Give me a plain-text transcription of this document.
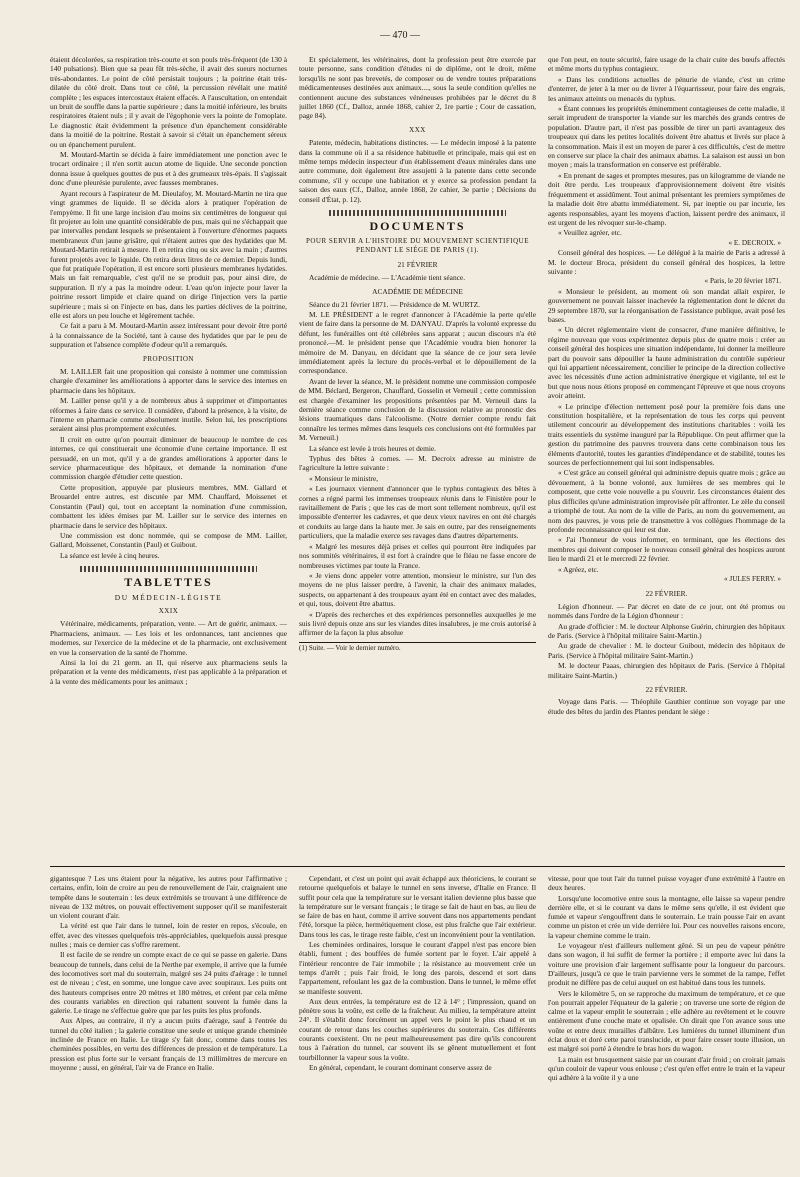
— 470 —

étaient décolorées, sa respiration très-courte et son pouls très-fréquent (de 130 à 140 pulsations). Bien que sa peau fût très-sèche, il avait des sueurs nocturnes très-abondantes. Le point de côté persistait toujours ; la poitrine était très-dilatée du côté droit. Dans tout ce côté, la percussion révélait une matité complète ; les espaces intercostaux étaient effacés. A l'auscultation, on entendait un bruit de souffle dans la partie supérieure ; dans la moitié inférieure, les bruits respiratoires étaient nuls ; il y avait de l'égophonie vers la pointe de l'omoplate. Le diagnostic était évidemment la présence d'un épanchement considérable dans la moitié de la poitrine. Restait à savoir si c'était un épanchement séreux ou un épanchement purulent.

M. Moutard-Martin se décida à faire immédiatement une ponction avec le trocart ordinaire ; il n'en sortit aucun atome de liquide. Une seconde ponction donna issue à quelques gouttes de pus et à des grumeaux très-épais. Il s'agissait donc d'une pleurésie purulente, avec fausses membranes.

Ayant recours à l'aspirateur de M. Dieulafoy, M. Moutard-Martin ne tira que vingt grammes de liquide. Il se décida alors à pratiquer l'opération de l'empyème. Il fit une large incision d'au moins six centimètres de longueur qui fit projeter au loin une quantité considérable de pus, mais qui ne s'échappait que par intervalles pendant lesquels se présentaient à l'ouverture d'énormes paquets membraneux d'un jaune grisâtre, qui n'étaient autres que des hydatides que M. Moutard-Martin retirait à mesure. Il en retira cinq ou six avec la main ; d'autres furent projetés avec le liquide. On retira deux litres de ce dernier. Depuis lundi, que fut pratiquée l'opération, il est encore sorti plusieurs membranes hydatides. Mais un fait remarquable, c'est qu'il ne se produit pas, pour ainsi dire, de suppuration. Il n'y a pas la moindre odeur. L'eau qu'on injecte pour laver la poitrine ressort limpide et claire quand on dirige l'injection vers la partie supérieure ; mais si on l'injecte en bas, dans les parties déclives de la poitrine, elle est alors un peu louche et légèrement tachée.

Ce fait a paru à M. Moutard-Martin assez intéressant pour devoir être porté à la connaissance de la Société, tant à cause des hydatides que par le peu de suppuration et l'absence complète d'odeur qu'il a remarqués.

PROPOSITION

M. LAILLER fait une proposition qui consiste à nommer une commission chargée d'examiner les améliorations à apporter dans le service des internes en pharmacie dans les hôpitaux.

M. Lailler pense qu'il y a de nombreux abus à supprimer et d'importantes réformes à faire dans ce service. Il considère, d'abord la présence, à la visite, de l'interne en pharmacie comme absolument inutile. Selon lui, les prescriptions seraient ainsi plus promptement exécutées.

Il croit en outre qu'on pourrait diminuer de beaucoup le nombre de ces internes, ce qui constituerait une économie d'une certaine importance. Il est persuadé, en un mot, qu'il y a de grandes améliorations à apporter dans le service pharmaceutique des hôpitaux, et demande la nomination d'une commission chargée d'étudier cette question.

Cette proposition, appuyée par plusieurs membres, MM. Gallard et Brouardel entre autres, est discutée par MM. Chauffard, Moissenet et Constantin (Paul) qui, tout en acceptant la nomination d'une commission, combattent les idées émises par M. Lailler sur le service des internes en pharmacie dans le service des hôpitaux.

Une commission est donc nommée, qui se compose de MM. Lailler, Gallard, Moissenet, Constantin (Paul) et Guibout.

La séance est levée à cinq heures.

TABLETTES
DU MÉDECIN-LÉGISTE
XXIX

Vétérinaire, médicaments, préparation, vente. — Art de guérir, animaux. — Pharmaciens, animaux. — Les lois et les ordonnances, tant anciennes que modernes, sur l'exercice de la médecine et de la pharmacie, ont exclusivement en vue la conservation de la santé de l'homme.

Ainsi la loi du 21 germ. an II, qui réserve aux pharmaciens seuls la préparation et la vente des médicaments, n'est pas applicable à la préparation et à la vente des médicaments pour les animaux ;

Et spécialement, les vétérinaires, dont la profession peut être exercée par toute personne, sans condition d'études ni de diplôme, ont le droit, même lorsqu'ils ne sont pas brevetés, de composer ou de vendre toutes préparations médicamenteuses destinées aux animaux...., sous la seule condition qu'elles ne contiennent aucune des substances vénéneuses prohibées par le décret du 8 juillet 1860 (Cf., Dalloz, année 1868, cahier 2, 1re partie ; Cour de cassation, page 84).

XXX

Patente, médecin, habitations distinctes. — Le médecin imposé à la patente dans la commune où il a sa résidence habituelle et principale, mais qui est en même temps médecin inspecteur d'un établissement d'eaux minérales dans une autre commune, doit également être assujetti à la patente dans cette seconde commune, s'il y occupe une habitation et y exerce sa profession pendant la saison des eaux (Cf., Dalloz, année 1868, 2e cahier, 3e partie ; Décisions du conseil d'État, p. 12).

DOCUMENTS
POUR SERVIR A L'HISTOIRE DU MOUVEMENT SCIENTIFIQUE PENDANT LE SIÉGE DE PARIS (1).
21 FÉVRIER

Académie de médecine. — L'Académie tient séance.

ACADÉMIE DE MÉDECINE

Séance du 21 février 1871. — Présidence de M. WURTZ.

M. LE PRÉSIDENT a le regret d'annoncer à l'Académie la perte qu'elle vient de faire dans la personne de M. DANYAU. D'après la volonté expresse du défunt, les funérailles ont été célébrées sans apparat ; aucun discours n'a été prononcé.—M. le président pense que l'Académie voudra bien honorer la mémoire de M. Danyau, en décidant que la séance de ce jour sera levée immédiatement après la lecture du procès-verbal et le dépouillement de la correspondance.

Avant de lever la séance, M. le président nomme une commission composée de MM. Béclard, Bergeron, Chauffard, Gosselin et Verneuil ; cette commission est chargée d'examiner les propositions présentées par M. Verneuil dans la dernière séance comme conclusion de la discussion relative au pronostic des lésions traumatiques dans l'alcoolisme. (Notre dernier compte rendu fait connaître les termes mêmes dans lesquels ces conclusions ont été formulées par M. Verneuil.)

La séance est levée à trois heures et demie.

Typhus des bêtes à cornes. — M. Decroix adresse au ministre de l'agriculture la lettre suivante :

« Monsieur le ministre,

« Les journaux viennent d'annoncer que le typhus contagieux des bêtes à cornes a régné parmi les immenses troupeaux réunis dans le Finistère pour le ravitaillement de Paris ; que les cas de mort sont tellement nombreux, qu'il est impossible d'enterrer les cadavres, et que deux vieux navires en ont été chargés et conduits au large dans la haute mer. Je sais en outre, par des renseignements particuliers, que la maladie exerce ses ravages dans d'autres départements.

« Malgré les mesures déjà prises et celles qui pourront être indiquées par nos sommités vétérinaires, il est fort à craindre que le fléau ne fasse encore de nombreuses victimes par toute la France.

« Je viens donc appeler votre attention, monsieur le ministre, sur l'un des moyens de ne plus laisser perdre, à l'avenir, la chair des animaux malades, suspects, ou appartenant à des troupeaux ayant été en contact avec des malades, et qui, tous, doivent être abattus.

« D'après des recherches et des expériences personnelles auxquelles je me suis livré depuis onze ans sur les viandes dites insalubres, je me crois autorisé à affirmer de la façon la plus absolue

(1) Suite. — Voir le dernier numéro.

que l'on peut, en toute sécurité, faire usage de la chair cuite des bœufs affectés et même morts du typhus contagieux.

« Dans les conditions actuelles de pénurie de viande, c'est un crime d'enterrer, de jeter à la mer ou de livrer à l'équarrisseur, pour faire des engrais, les animaux atteints ou menacés du typhus.

« Étant connues les propriétés éminemment contagieuses de cette maladie, il serait imprudent de transporter la viande sur les marchés des grands centres de population. D'autre part, il n'est pas possible de tirer un parti avantageux des troupeaux qui dans les petites localités doivent être abattus et livrés sur place à la consommation. Mais il est un moyen de parer à ces difficultés, c'est de mettre en conserve sur place la chair des animaux abattus. La salaison est aussi un bon moyen ; mais la transformation en conserve est préférable.

« En prenant de sages et promptes mesures, pas un kilogramme de viande ne doit être perdu. Les troupeaux d'approvisionnement doivent être visités fréquemment et assidûment. Tout animal présentant les premiers symptômes de la maladie doit être abattu immédiatement. Si, par ineptie ou par incurie, les agents responsables, ayant les moyens d'action, laissent perdre des animaux, il est urgent de les révoquer sur-le-champ.

« Veuillez agréer, etc.

« E. DECROIX. »

Conseil général des hospices. — Le délégué à la mairie de Paris a adressé à M. le docteur Broca, président du conseil général des hospices, la lettre suivante :

« Paris, le 20 février 1871.

« Monsieur le président, au moment où son mandat allait expirer, le gouvernement ne pouvait laisser inachevée la réglementation dont le décret du 29 septembre 1870, sur la réorganisation de l'assistance publique, avait posé les bases.

« Un décret réglementaire vient de consacrer, d'une manière définitive, le régime nouveau que vous expérimentez depuis plus de quatre mois : créer au conseil général des hospices une situation indépendante, lui donner la meilleure part du pouvoir sans dépouiller la haute administration du contrôle supérieur qui lui appartient nécessairement, concilier le principe de la direction collective avec les nécessités d'une action administrative énergique et vigilante, tel est le but que nous nous étions proposé en commençant l'épreuve et que nous croyons avoir atteint.

« Le principe d'élection nettement posé pour la première fois dans une constitution hospitalière, et la représentation de tous les corps qui peuvent utilement concourir au développement des institutions charitables : voilà les traits essentiels du système inauguré par la République. On peut affirmer que la gestion du patrimoine des pauvres trouvera dans cette combinaison tous les éléments d'autorité, toutes les garanties d'indépendance et de stabilité, toutes les sources de perfectionnement qui lui sont indispensables.

« C'est grâce au conseil général qui administre depuis quatre mois ; grâce au dévouement, à la bonne volonté, aux lumières de ses membres qui le composent, que cette voie nouvelle a pu s'ouvrir. Les circonstances étaient des plus difficiles qu'une administration improvisée pût affronter. Le zèle du conseil a triomphé de tout. Au nom de la ville de Paris, au nom du gouvernement, au nom des pauvres, je vous prie de transmettre à vos collègues l'hommage de la profonde reconnaissance qui leur est due.

« J'ai l'honneur de vous informer, en terminant, que les élections des membres qui doivent composer le nouveau conseil général des hospices auront lieu le mardi 21 et le mercredi 22 février.

« Agréez, etc.

« JULES FERRY. »
22 FÉVRIER.

Légion d'honneur. — Par décret en date de ce jour, ont été promus ou nommés dans l'ordre de la Légion d'honneur :

Au grade d'officier : M. le docteur Alphonse Guérin, chirurgien des hôpitaux de Paris. (Service à l'hôpital militaire Saint-Martin.)

Au grade de chevalier : M. le docteur Guibout, médecin des hôpitaux de Paris. (Service à l'hôpital militaire Saint-Martin.)

M. le docteur Paaas, chirurgien des hôpitaux de Paris. (Service à l'hôpital militaire Saint-Martin.)

22 FÉVRIER.

Voyage dans Paris. — Théophile Gauthier continue son voyage par une étude des bêtes du jardin des Plantes pendant le siége :

gigantesque ? Les uns étaient pour la négative, les autres pour l'affirmative ; certains, enfin, loin de croire au peu de renouvellement de l'air, craignaient une tempête dans le souterrain : les deux extrémités se trouvant à une différence de niveau de 132 mètres, on pouvait effectivement supposer qu'il se manifesterait un violent courant d'air.

La vérité est que l'air dans le tunnel, loin de rester en repos, s'écoule, en effet, avec des vitesses quelquefois très-appréciables, quelquefois aussi presque nulles ; mais ce dernier cas s'offre rarement.

Il est facile de se rendre un compte exact de ce qui se passe en galerie. Dans beaucoup de tunnels, dans celui de la Nerthe par exemple, il arrive que la fumée des locomotives sort mal du souterrain, malgré ses 24 puits d'aérage : le tunnel est de niveau ; c'est, en somme, une longue cave avec soupiraux. Les puits ont des hauteurs comprises entre 20 mètres et 180 mètres, et créent par cela même des courants variables en direction qui rabattent souvent la fumée dans la galerie. Le tirage ne s'effectue guère que par les puits les plus profonds.

Aux Alpes, au contraire, il n'y a aucun puits d'aérage, sauf à l'entrée du tunnel du côté italien ; la galerie constitue une seule et unique grande cheminée inclinée de France en Italie. Le tirage s'y fait donc, comme dans toutes les cheminées possibles, en vertu des différences de pression et de température. La pression est plus forte sur le versant français de 13 millimètres de mercure en moyenne ; aussi, en général, l'air va de France en Italie.

Cependant, et c'est un point qui avait échappé aux théoriciens, le courant se retourne quelquefois et balaye le tunnel en sens inverse, d'Italie en France. Il suffit pour cela que la température sur le versant italien devienne plus basse que la température sur le versant français ; le tirage se fait de haut en bas, au lieu de se faire de bas en haut, comme il arrive souvent dans nos appartements pendant l'été, lorsque la pièce, hermétiquement close, est plus fraîche que l'air extérieur. Dans tous les cas, le tirage reste faible, c'est un inconvénient pour la ventilation.

Les cheminées ordinaires, lorsque le courant d'appel n'est pas encore bien établi, fument ; des bouffées de fumée sortent par le foyer. L'air appelé à l'intérieur rencontre de l'air immobile ; la résistance au mouvement crée un temps d'arrêt ; puis l'air froid, le long des parois, descend et sort dans l'appartement, refoulant les gaz de la combustion. Dans le tunnel, le même effet se manifeste souvent.

Aux deux entrées, la température est de 12 à 14° ; l'impression, quand on pénètre sous la voûte, est celle de la fraîcheur. Au milieu, la température atteint 24°. Il s'établit donc forcément un appel vers le point le plus chaud et un courant de retour dans les couches supérieures du souterrain. Ces différents courants coexistent. On ne peut malheureusement pas dire qu'ils concourent tous à l'aération du tunnel, car souvent ils se gênent mutuellement et font tourbillonner la vapeur sous la voûte.

En général, cependant, le courant dominant conserve assez de

vitesse, pour que tout l'air du tunnel puisse voyager d'une extrémité à l'autre en deux heures.

Lorsqu'une locomotive entre sous la montagne, elle laisse sa vapeur pendre derrière elle, et si le courant va dans le même sens qu'elle, il est évident que fumée et vapeur s'engouffrent dans le souterrain. Le train pousse l'air en avant comme un piston et crée un vide derrière lui. Pour ces nouvelles raisons encore, la vapeur chemine comme le train.

Le voyageur n'est d'ailleurs nullement gêné. Si un peu de vapeur pénètre dans son wagon, il lui suffit de fermer la portière ; il emporte avec lui dans la voiture une provision d'air largement suffisante pour la longueur du parcours. D'ailleurs, jusqu'à ce que le train parvienne vers le sommet de la rampe, l'effet produit ne diffère pas de celui auquel on est habitué dans tous les tunnels.

Vers le kilomètre 5, on se rapproche du maximum de température, et ce que l'on pourrait appeler l'équateur de la galerie ; on traverse une sorte de région de calme et la vapeur emplit le souterrain ; elle adhère au revêtement et le couvre entièrement d'une couche mate et opalisée. On dirait que l'on avance sous une voûte et entre deux murailles d'albâtre. Les lumières du tunnel illuminent d'un éclat doux et doré cette paroi translucide, et pour faire cesser toute illusion, on est malgré soi porté à étendre le bras hors du wagon.

La main est brusquement saisie par un courant d'air froid ; on croirait jamais qu'un couloir de vapeur vous enlouse ; c'est qu'en effet entre le train et la vapeur qui adhère à la voûte il y a une
